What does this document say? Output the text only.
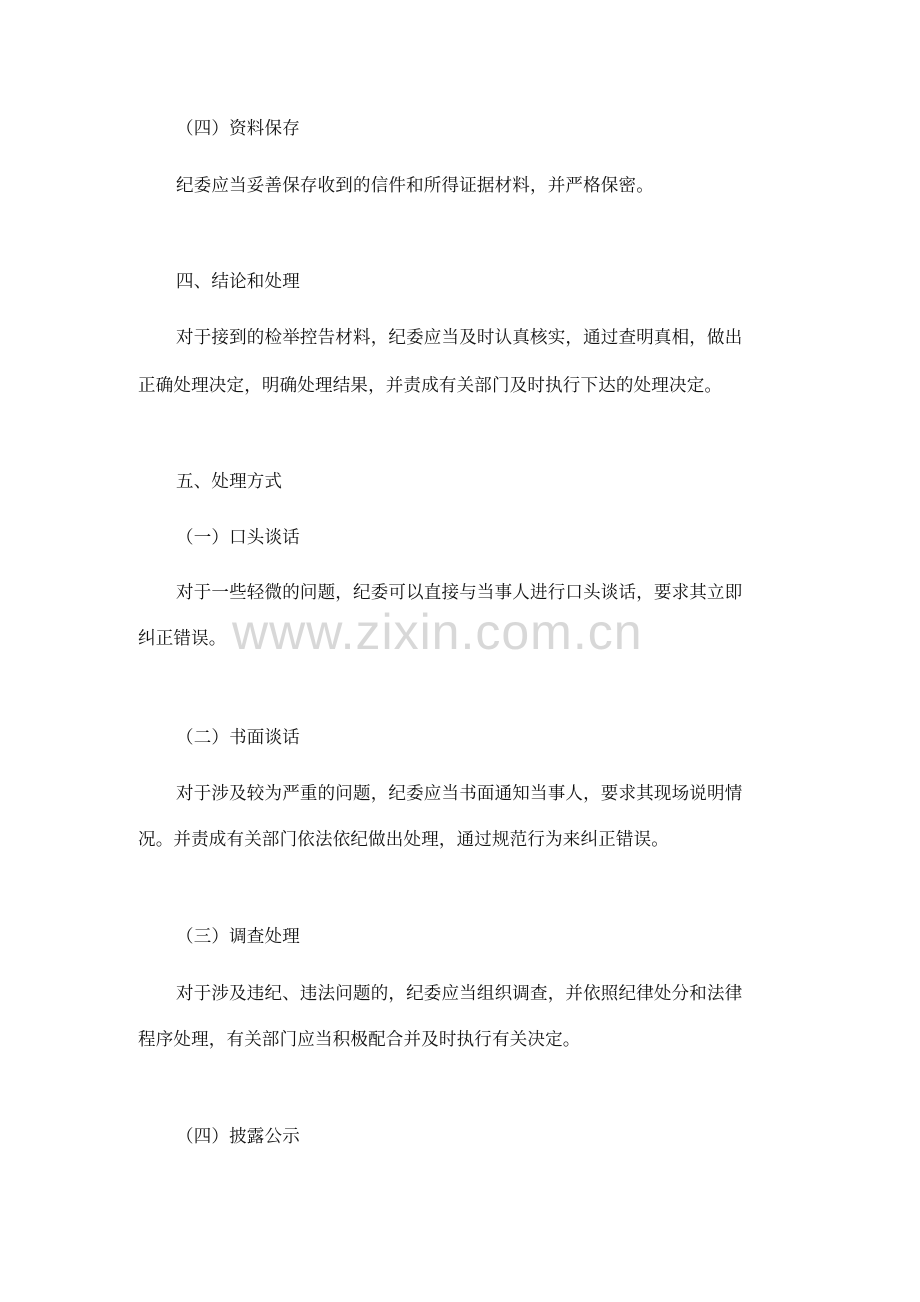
（四）资料保存
纪委应当妥善保存收到的信件和所得证据材料，并严格保密。
四、结论和处理
对于接到的检举控告材料，纪委应当及时认真核实，通过查明真相，做出
正确处理决定，明确处理结果，并责成有关部门及时执行下达的处理决定。
五、处理方式
（一）口头谈话
对于一些轻微的问题，纪委可以直接与当事人进行口头谈话，要求其立即
纠正错误。
（二）书面谈话
对于涉及较为严重的问题，纪委应当书面通知当事人，要求其现场说明情
况。并责成有关部门依法依纪做出处理，通过规范行为来纠正错误。
（三）调查处理
对于涉及违纪、违法问题的，纪委应当组织调查，并依照纪律处分和法律
程序处理，有关部门应当积极配合并及时执行有关决定。
（四）披露公示
www.zixin.com.cn
